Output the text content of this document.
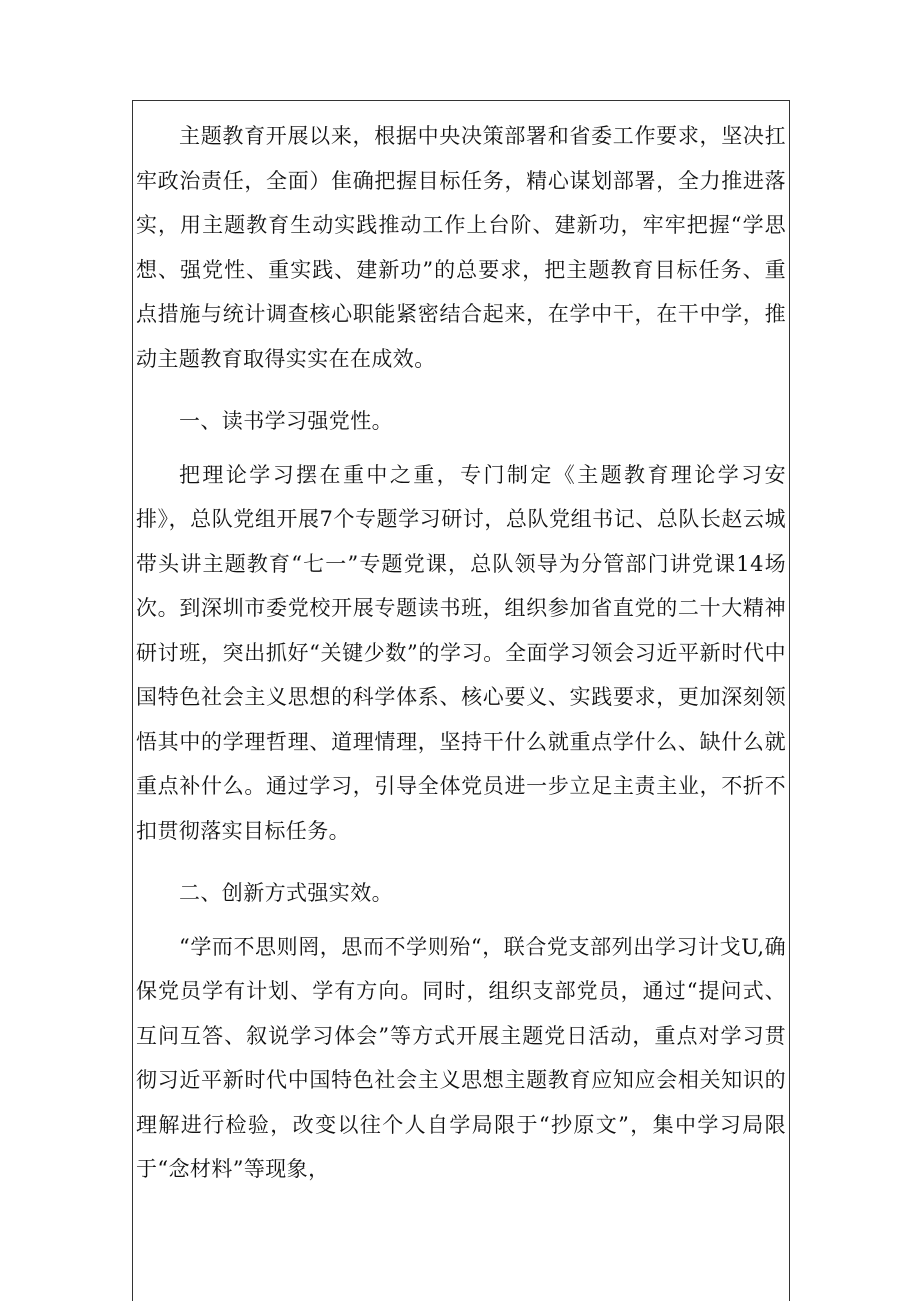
主题教育开展以来，根据中央决策部署和省委工作要求，坚决扛牢政治责任，全面）隹确把握目标任务，精心谋划部署，全力推进落实，用主题教育生动实践推动工作上台阶、建新功，牢牢把握“学思想、强党性、重实践、建新功”的总要求，把主题教育目标任务、重点措施与统计调查核心职能紧密结合起来，在学中干，在干中学，推动主题教育取得实实在在成效。

一、读书学习强党性。

把理论学习摆在重中之重，专门制定《主题教育理论学习安排》，总队党组开展7个专题学习研讨，总队党组书记、总队长赵云城带头讲主题教育“七一”专题党课，总队领导为分管部门讲党课14场次。到深圳市委党校开展专题读书班，组织参加省直党的二十大精神研讨班，突出抓好“关键少数”的学习。全面学习领会习近平新时代中国特色社会主义思想的科学体系、核心要义、实践要求，更加深刻领悟其中的学理哲理、道理情理，坚持干什么就重点学什么、缺什么就重点补什么。通过学习，引导全体党员进一步立足主责主业，不折不扣贯彻落实目标任务。

二、创新方式强实效。

“学而不思则罔，思而不学则殆“，联合党支部列出学习计戈U,确保党员学有计划、学有方向。同时，组织支部党员，通过“提问式、互问互答、叙说学习体会”等方式开展主题党日活动，重点对学习贯彻习近平新时代中国特色社会主义思想主题教育应知应会相关知识的理解进行检验，改变以往个人自学局限于“抄原文”，集中学习局限于“念材料”等现象，
